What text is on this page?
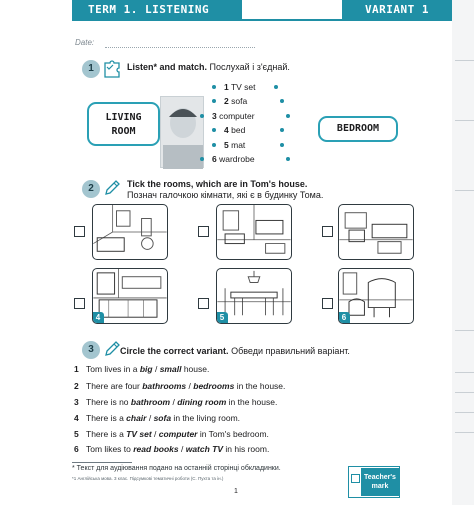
TERM 1. LISTENING	VARIANT 1
Date:
1	Listen* and match. Послухай і з'єднай.
LIVING
ROOM	BEDROOM
1 TV set
2 sofa
3 computer
4 bed
5 mat
6 wardrobe
2	Tick the rooms, which are in Tom's house.
Познач галочкою кімнати, які є в будинку Тома.
4	5	6
3	Circle the correct variant. Обведи правильний варіант.
1 Tom lives in a big / small house.
2 There are four bathrooms / bedrooms in the house.
3 There is no bathroom / dining room in the house.
4 There is a chair / sofa in the living room.
5 There is a TV set / computer in Tom's bedroom.
6 Tom likes to read books / watch TV in his room.
* Текст для аудіювання подано на останній сторінці обкладинки.
*1 Англійська мова. 3 клас. Підсумкові тематичні роботи (С. Пухта та ін.)
1
Teacher's mark
